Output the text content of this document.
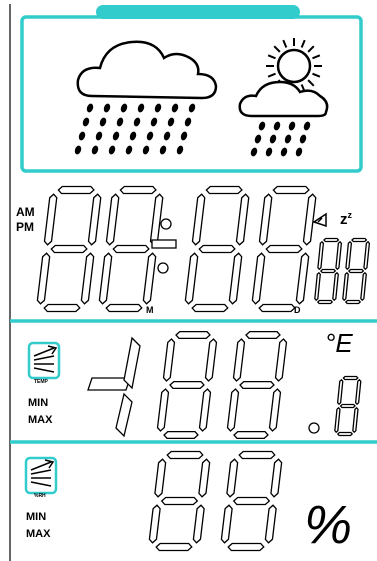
AM
PM
M	D
$z^z$
TEMP
MIN
MAX
°E
%RH
MIN
MAX	%
